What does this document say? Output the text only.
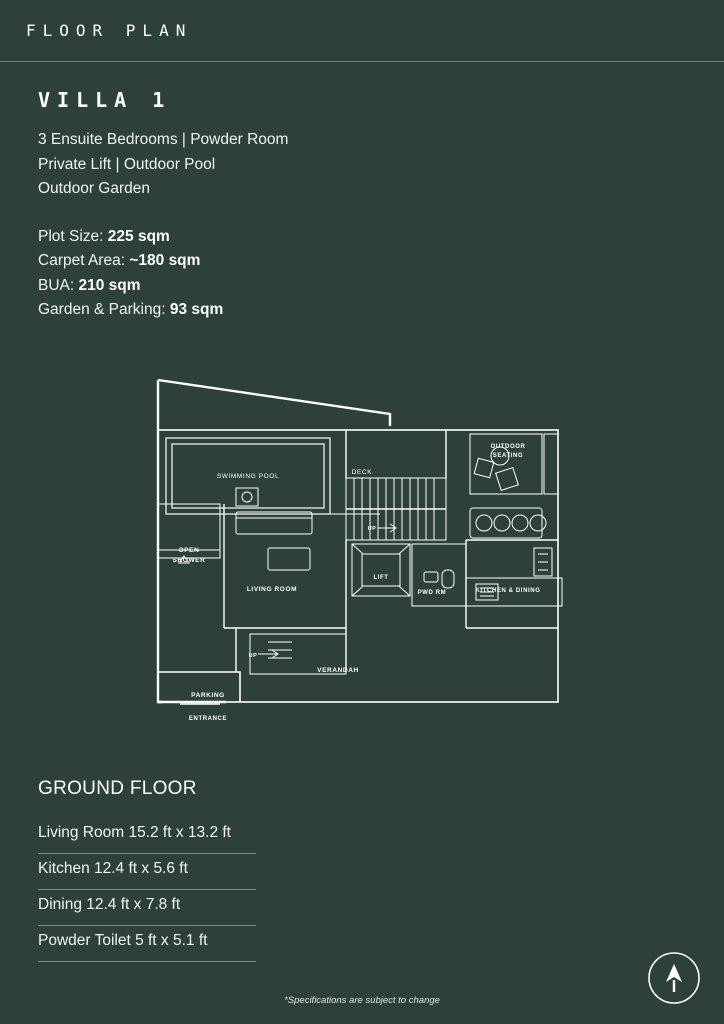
FLOOR PLAN
VILLA 1
3 Ensuite Bedrooms | Powder Room
Private Lift | Outdoor Pool
Outdoor Garden
Plot Size: 225 sqm
Carpet Area: ~180 sqm
BUA: 210 sqm
Garden & Parking: 93 sqm
SWIMMING POOL
DECK
OUTDOOR
SEATING
OPEN
SHOWER
LIVING ROOM
LIFT
PWD RM	KITCHEN & DINING
VERANDAH
PARKING
ENTRANCE
UP
UP
GROUND FLOOR
Living Room 15.2 ft x 13.2 ft
Kitchen 12.4 ft x 5.6 ft
Dining 12.4 ft x 7.8 ft
Powder Toilet 5 ft x 5.1 ft
*Specifications are subject to change
